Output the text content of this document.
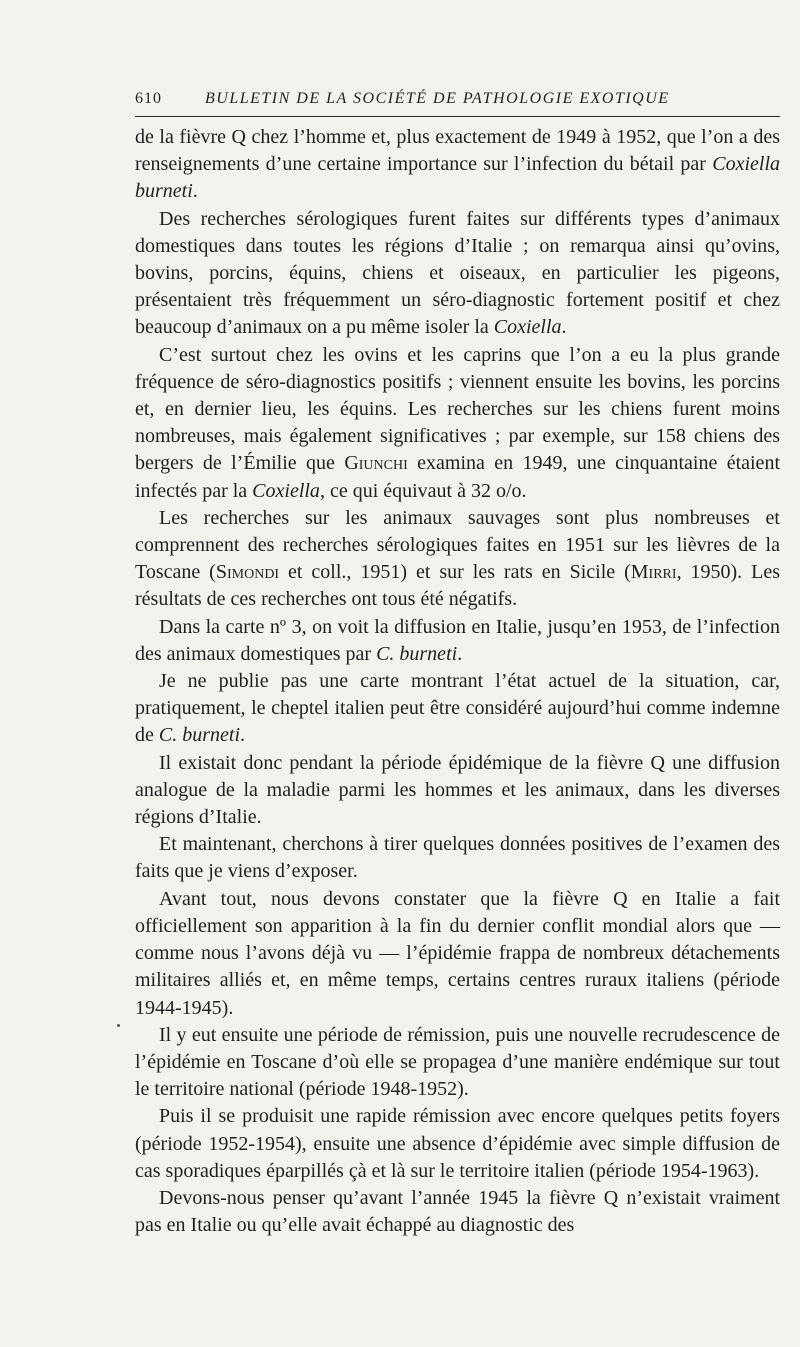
610	BULLETIN DE LA SOCIÉTÉ DE PATHOLOGIE EXOTIQUE

de la fièvre Q chez l’homme et, plus exactement de 1949 à 1952, que l’on a des renseignements d’une certaine importance sur l’infection du bétail par Coxiella burneti.

Des recherches sérologiques furent faites sur différents types d’animaux domestiques dans toutes les régions d’Italie ; on remarqua ainsi qu’ovins, bovins, porcins, équins, chiens et oiseaux, en particulier les pigeons, présentaient très fréquemment un séro-diagnostic fortement positif et chez beaucoup d’animaux on a pu même isoler la Coxiella.

C’est surtout chez les ovins et les caprins que l’on a eu la plus grande fréquence de séro-diagnostics positifs ; viennent ensuite les bovins, les porcins et, en dernier lieu, les équins. Les recherches sur les chiens furent moins nombreuses, mais également significatives ; par exemple, sur 158 chiens des bergers de l’Émilie que Giunchi examina en 1949, une cinquantaine étaient infectés par la Coxiella, ce qui équivaut à 32 o/o.

Les recherches sur les animaux sauvages sont plus nombreuses et comprennent des recherches sérologiques faites en 1951 sur les lièvres de la Toscane (Simondi et coll., 1951) et sur les rats en Sicile (Mirri, 1950). Les résultats de ces recherches ont tous été négatifs.

Dans la carte nº 3, on voit la diffusion en Italie, jusqu’en 1953, de l’infection des animaux domestiques par C. burneti.

Je ne publie pas une carte montrant l’état actuel de la situation, car, pratiquement, le cheptel italien peut être considéré aujourd’hui comme indemne de C. burneti.

Il existait donc pendant la période épidémique de la fièvre Q une diffusion analogue de la maladie parmi les hommes et les animaux, dans les diverses régions d’Italie.

Et maintenant, cherchons à tirer quelques données positives de l’examen des faits que je viens d’exposer.

Avant tout, nous devons constater que la fièvre Q en Italie a fait officiellement son apparition à la fin du dernier conflit mondial alors que — comme nous l’avons déjà vu — l’épidémie frappa de nombreux détachements militaires alliés et, en même temps, certains centres ruraux italiens (période 1944-1945).

Il y eut ensuite une période de rémission, puis une nouvelle recrudescence de l’épidémie en Toscane d’où elle se propagea d’une manière endémique sur tout le territoire national (période 1948-1952).

Puis il se produisit une rapide rémission avec encore quelques petits foyers (période 1952-1954), ensuite une absence d’épidémie avec simple diffusion de cas sporadiques éparpillés çà et là sur le territoire italien (période 1954-1963).

Devons-nous penser qu’avant l’année 1945 la fièvre Q n’existait vraiment pas en Italie ou qu’elle avait échappé au diagnostic des
